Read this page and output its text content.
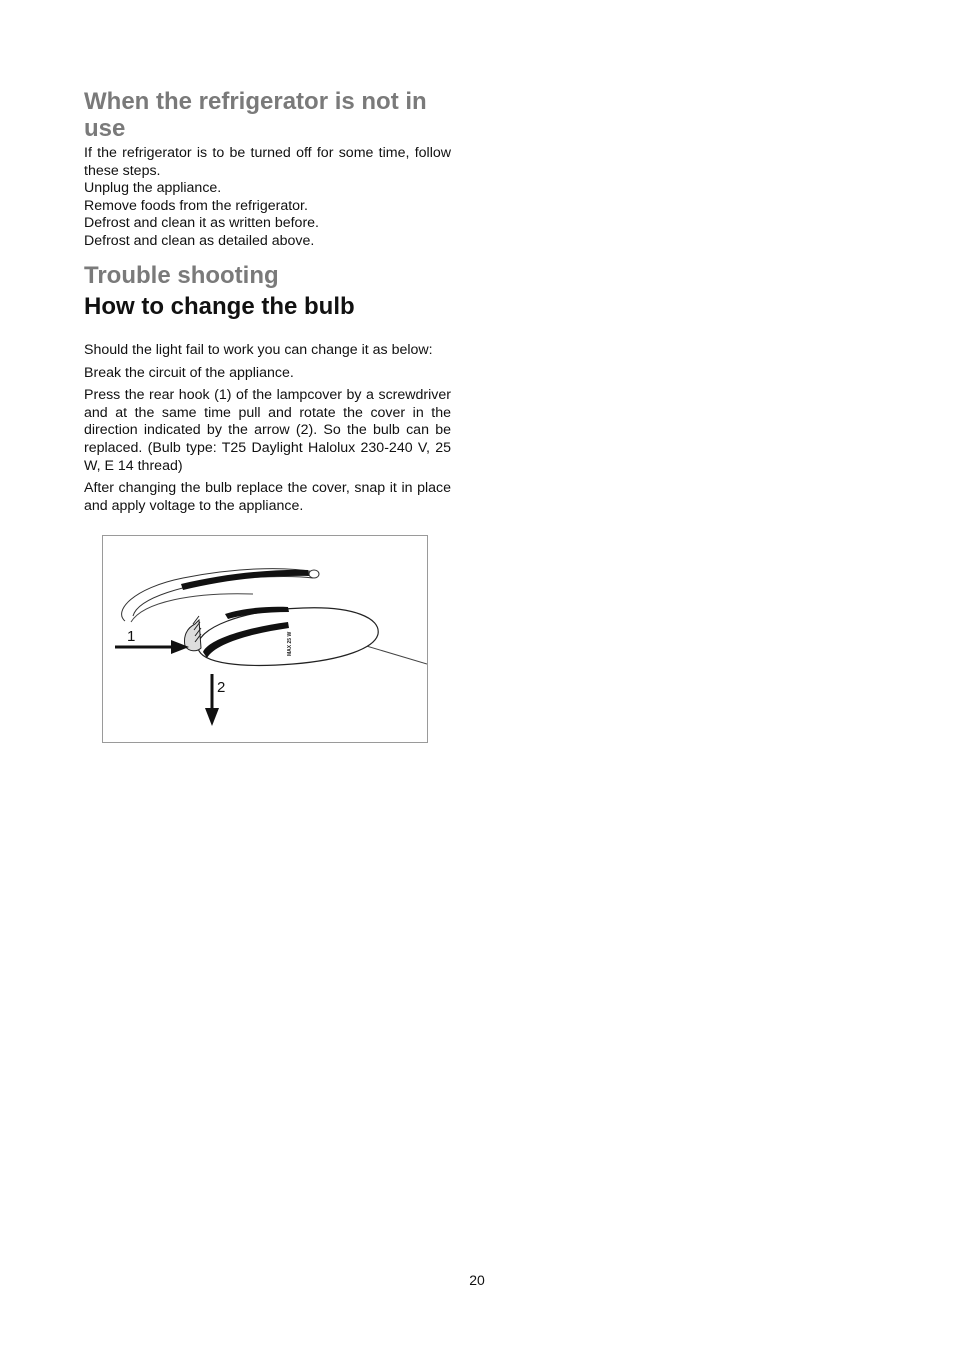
When the refrigerator is not in use

If the refrigerator is to be turned off for some time, follow these steps.

Unplug the appliance.

Remove foods from the refrigerator.

Defrost and clean it as written before.

Defrost and clean as detailed above.

Trouble shooting
How to change the bulb

Should the light fail to work you can change it as below:

Break the circuit of the appliance.

Press the rear hook (1) of the lampcover by a screwdriver and at the same time pull and rotate the cover in the direction indicated by the arrow (2). So the bulb can be replaced. (Bulb type: T25 Daylight Halolux 230-240 V, 25 W, E 14 thread)

After changing the bulb replace the cover, snap it in place and apply voltage to the appliance.

MAX 25 W
1
2
20
